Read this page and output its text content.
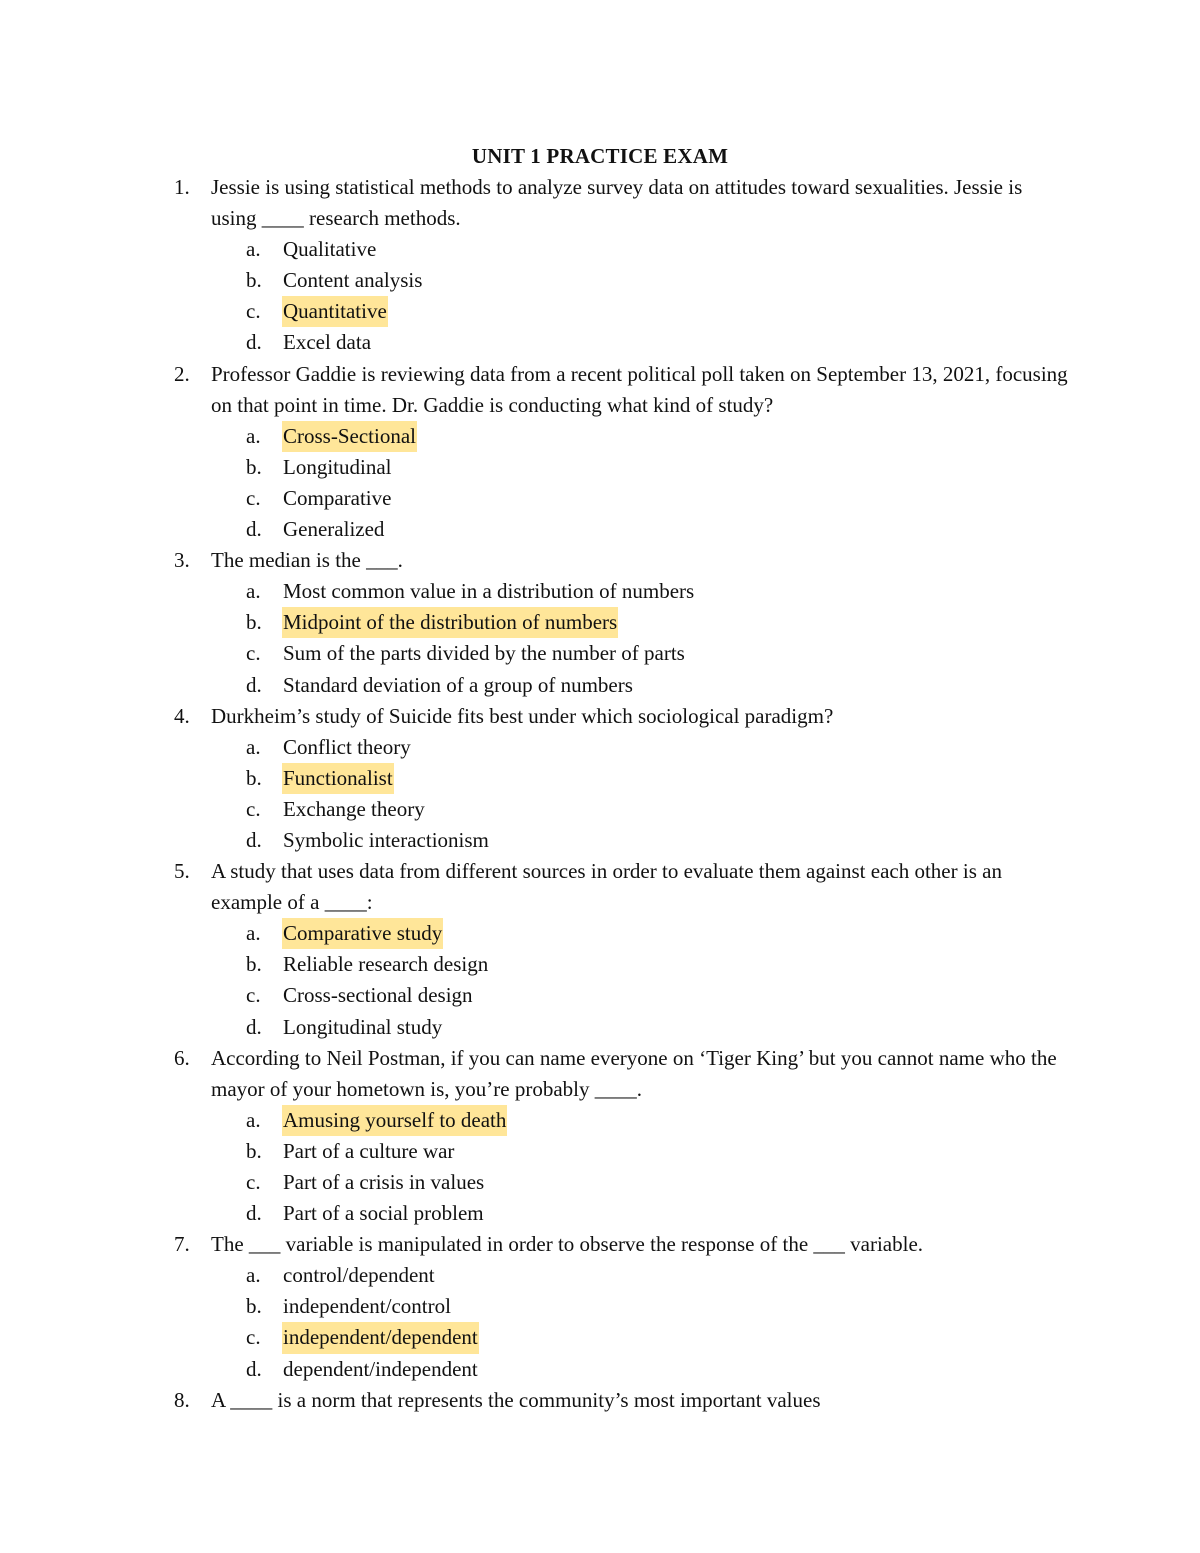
UNIT 1 PRACTICE EXAM
1.	Jessie is using statistical methods to analyze survey data on attitudes toward sexualities. Jessie is using ____ research methods.
a.	Qualitative
b.	Content analysis
c.	Quantitative
d.	Excel data
2.	Professor Gaddie is reviewing data from a recent political poll taken on September 13, 2021, focusing on that point in time. Dr. Gaddie is conducting what kind of study?
a.	Cross-Sectional
b.	Longitudinal
c.	Comparative
d.	Generalized
3.	The median is the ___.
a.	Most common value in a distribution of numbers
b.	Midpoint of the distribution of numbers
c.	Sum of the parts divided by the number of parts
d.	Standard deviation of a group of numbers
4.	Durkheim’s study of Suicide fits best under which sociological paradigm?
a.	Conflict theory
b.	Functionalist
c.	Exchange theory
d.	Symbolic interactionism
5.	A study that uses data from different sources in order to evaluate them against each other is an example of a ____:
a.	Comparative study
b.	Reliable research design
c.	Cross-sectional design
d.	Longitudinal study
6.	According to Neil Postman, if you can name everyone on ‘Tiger King’ but you cannot name who the mayor of your hometown is, you’re probably ____.
a.	Amusing yourself to death
b.	Part of a culture war
c.	Part of a crisis in values
d.	Part of a social problem
7.	The ___ variable is manipulated in order to observe the response of the ___ variable.
a.	control/dependent
b.	independent/control
c.	independent/dependent
d.	dependent/independent
8.	A ____ is a norm that represents the community’s most important values
